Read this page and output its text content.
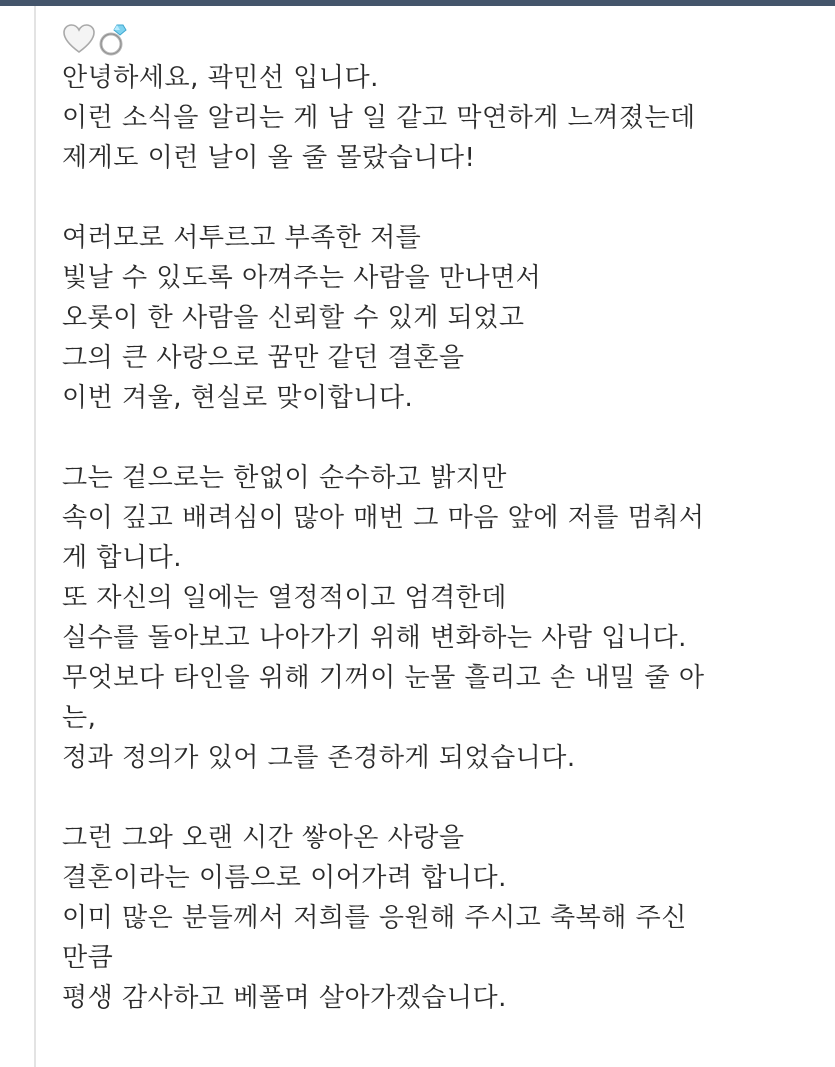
안녕하세요, 곽민선 입니다.
이런 소식을 알리는 게 남 일 같고 막연하게 느껴졌는데
제게도 이런 날이 올 줄 몰랐습니다!
여러모로 서투르고 부족한 저를
빛날 수 있도록 아껴주는 사람을 만나면서
오롯이 한 사람을 신뢰할 수 있게 되었고
그의 큰 사랑으로 꿈만 같던 결혼을
이번 겨울, 현실로 맞이합니다.
그는 겉으로는 한없이 순수하고 밝지만
속이 깊고 배려심이 많아 매번 그 마음 앞에 저를 멈춰서
게 합니다.
또 자신의 일에는 열정적이고 엄격한데
실수를 돌아보고 나아가기 위해 변화하는 사람 입니다.
무엇보다 타인을 위해 기꺼이 눈물 흘리고 손 내밀 줄 아
는,
정과 정의가 있어 그를 존경하게 되었습니다.
그런 그와 오랜 시간 쌓아온 사랑을
결혼이라는 이름으로 이어가려 합니다.
이미 많은 분들께서 저희를 응원해 주시고 축복해 주신
만큼
평생 감사하고 베풀며 살아가겠습니다.
